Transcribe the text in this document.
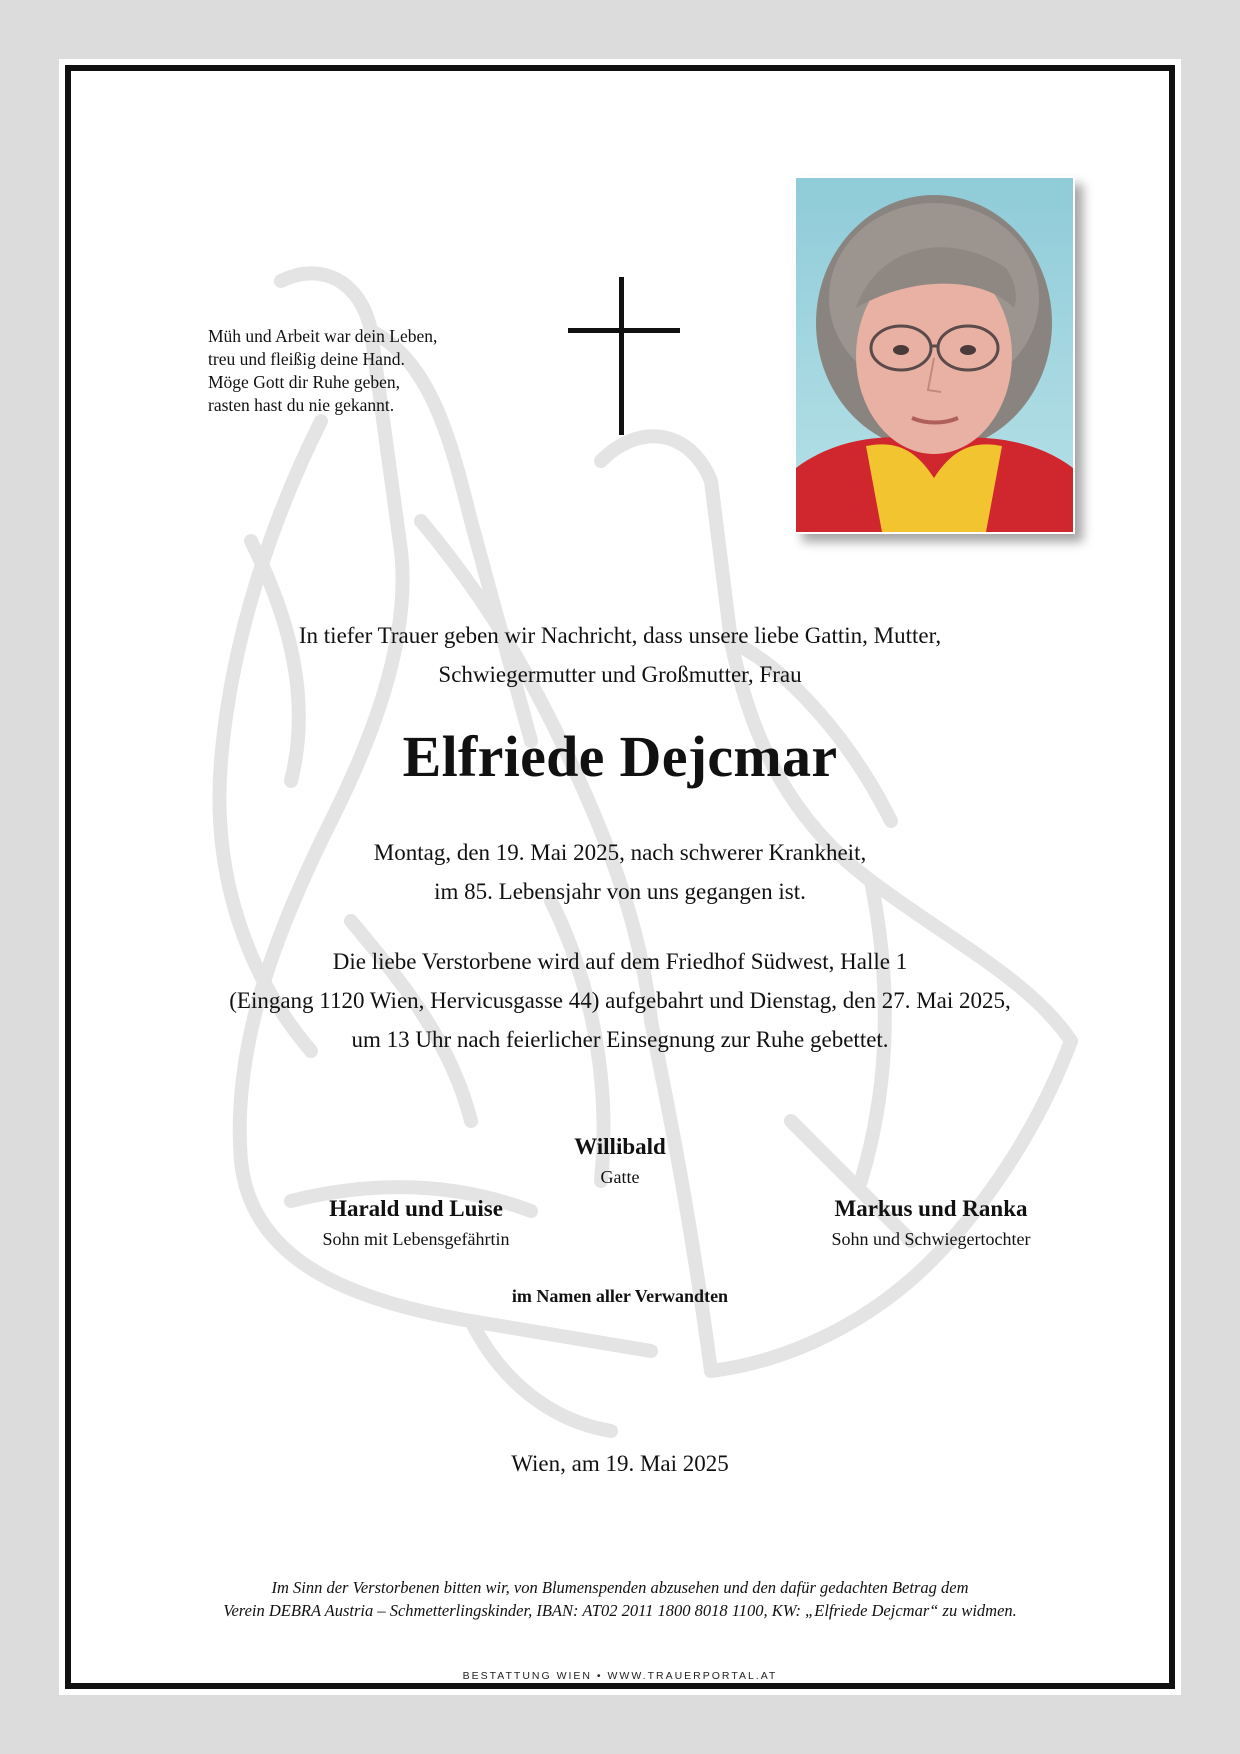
Müh und Arbeit war dein Leben,
treu und fleißig deine Hand.
Möge Gott dir Ruhe geben,
rasten hast du nie gekannt.
In tiefer Trauer geben wir Nachricht, dass unsere liebe Gattin, Mutter,
Schwiegermutter und Großmutter, Frau
Elfriede Dejcmar
Montag, den 19. Mai 2025, nach schwerer Krankheit,
im 85. Lebensjahr von uns gegangen ist.
Die liebe Verstorbene wird auf dem Friedhof Südwest, Halle 1
(Eingang 1120 Wien, Hervicusgasse 44) aufgebahrt und Dienstag, den 27. Mai 2025,
um 13 Uhr nach feierlicher Einsegnung zur Ruhe gebettet.
Willibald
Gatte
Harald und Luise
Sohn mit Lebensgefährtin
Markus und Ranka
Sohn und Schwiegertochter
im Namen aller Verwandten
Wien, am 19. Mai 2025
Im Sinn der Verstorbenen bitten wir, von Blumenspenden abzusehen und den dafür gedachten Betrag dem
Verein DEBRA Austria – Schmetterlingskinder, IBAN: AT02 2011 1800 8018 1100, KW: „Elfriede Dejcmar“ zu widmen.
BESTATTUNG WIEN • WWW.TRAUERPORTAL.AT
